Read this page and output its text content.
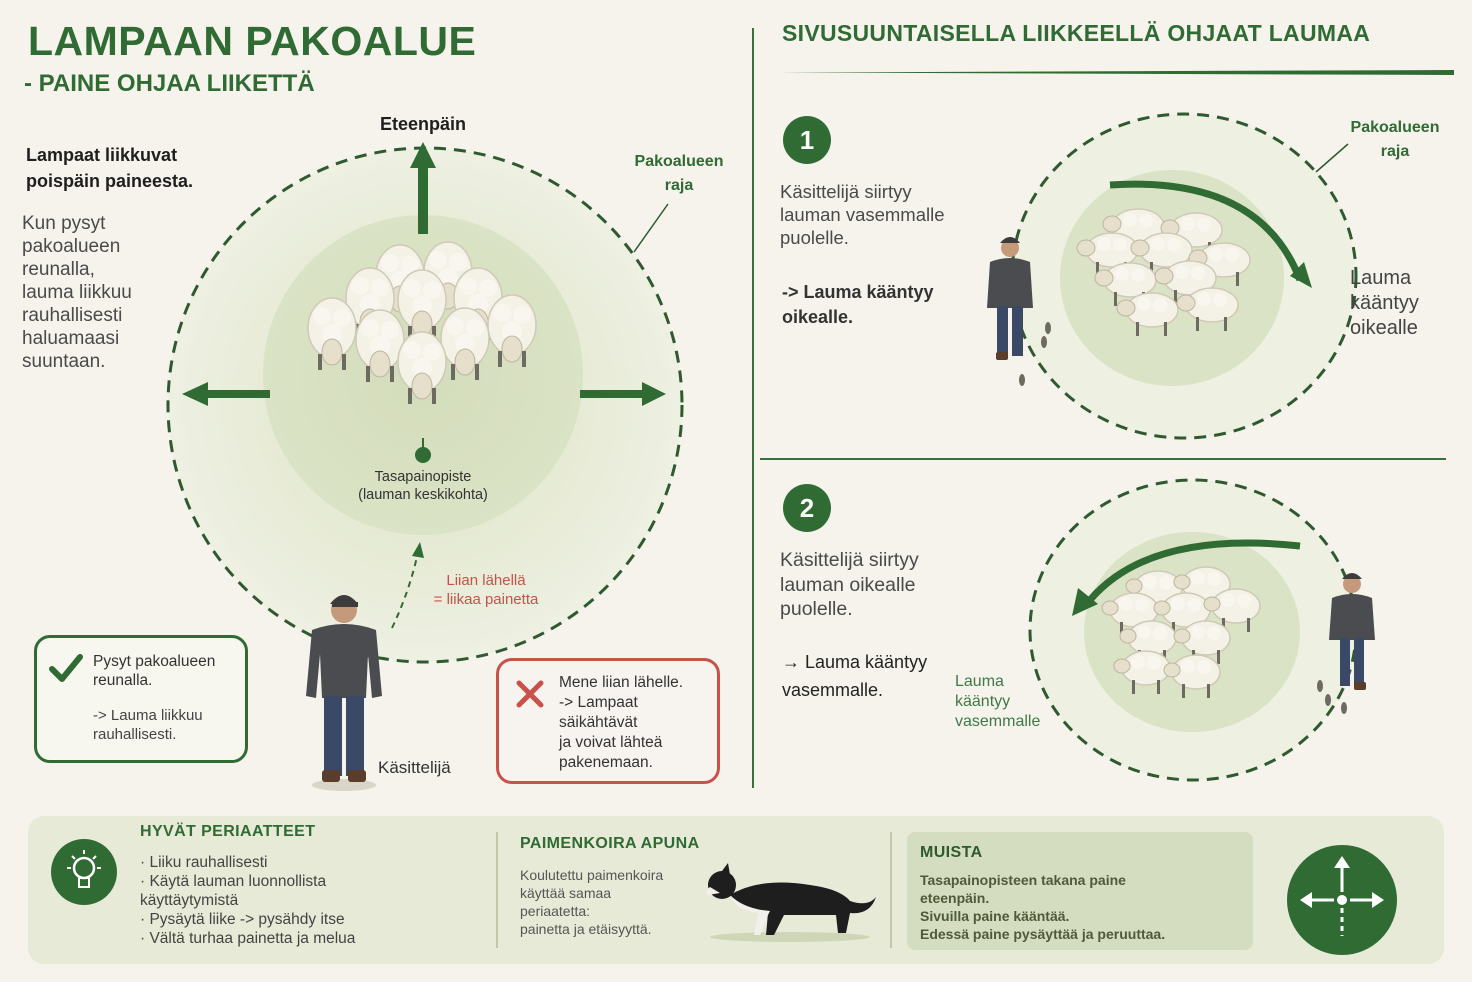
LAMPAAN PAKOALUE
- PAINE OHJAA LIIKETTÄ
Lampaat liikkuvat
poispäin paineesta.
Kun pysyt
pakoalueen
reunalla,
lauma liikkuu
rauhallisesti
haluamaasi
suuntaan.
Eteenpäin
Pakoalueen
raja
Tasapainopiste
(lauman keskikohta)
Liian lähellä
= liikaa painetta
Käsittelijä
Pysyt pakoalueen
reunalla.
-> Lauma liikkuu
rauhallisesti.
Mene liian lähelle.
-> Lampaat
säikähtävät
ja voivat lähteä
pakenemaan.
SIVUSUUNTAISELLA LIIKKEELLÄ OHJAAT LAUMAA
1
Käsittelijä siirtyy
lauman vasemmalle
puolelle.
-> Lauma kääntyy
oikealle.
Pakoalueen
raja
Lauma
kääntyy
oikealle
2
Käsittelijä siirtyy
lauman oikealle
puolelle.
→ Lauma kääntyy
vasemmalle.	Lauma
kääntyy
vasemmalle
HYVÄT PERIAATTEET
· Liiku rauhallisesti
· Käytä lauman luonnollista
käyttäytymistä
· Pysäytä liike -> pysähdy itse
· Vältä turhaa painetta ja melua
PAIMENKOIRA APUNA
Koulutettu paimenkoira
käyttää samaa
periaatetta:
painetta ja etäisyyttä.
MUISTA
Tasapainopisteen takana paine
eteenpäin.
Sivuilla paine kääntää.
Edessä paine pysäyttää ja peruuttaa.
